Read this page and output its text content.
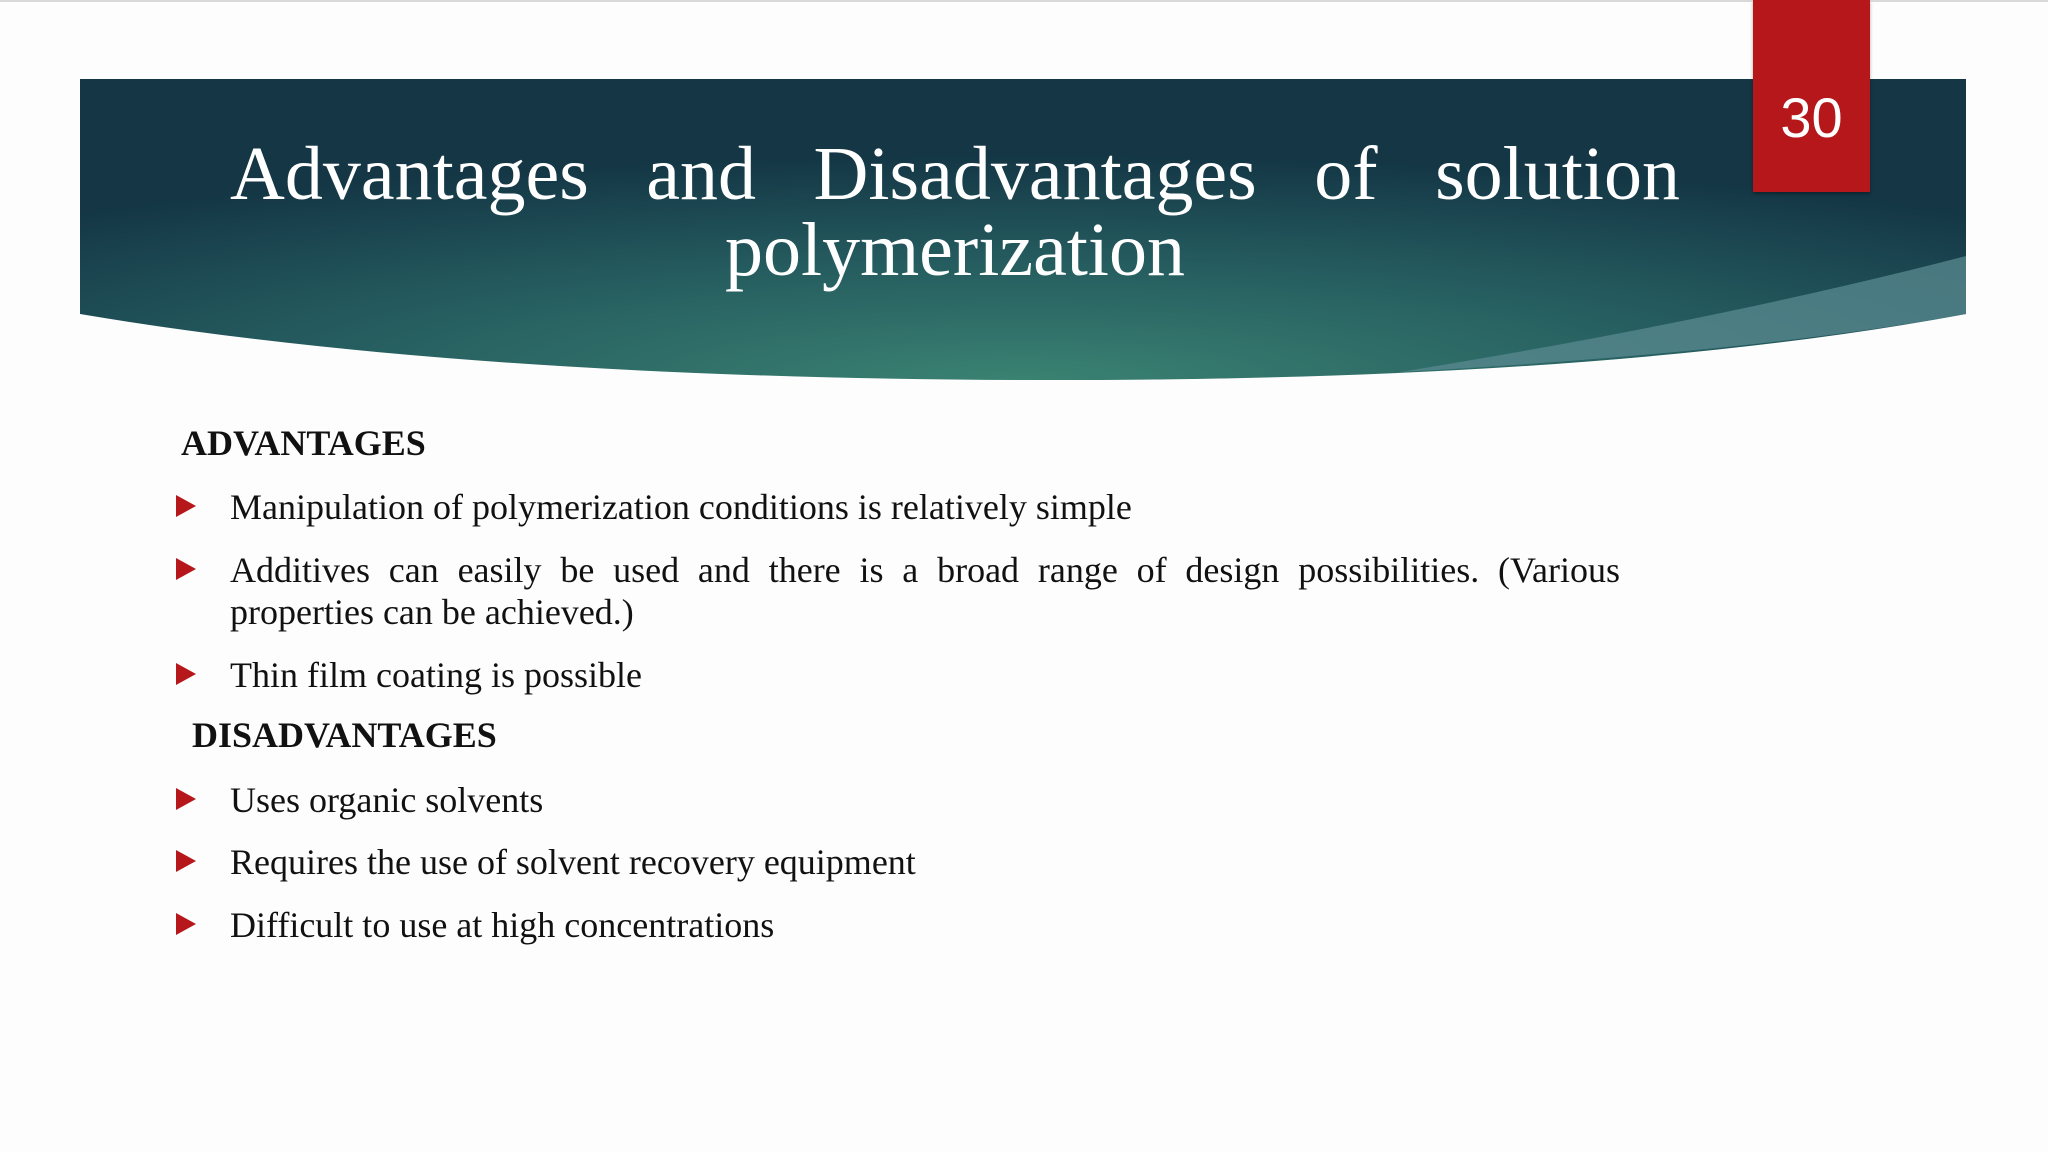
30
Advantages and Disadvantages of solution polymerization

ADVANTAGES

Manipulation of polymerization conditions is relatively simple
Additives can easily be used and there is a broad range of design possibilities. (Various properties can be achieved.)
Thin film coating is possible

DISADVANTAGES

Uses organic solvents
Requires the use of solvent recovery equipment
Difficult to use at high concentrations
